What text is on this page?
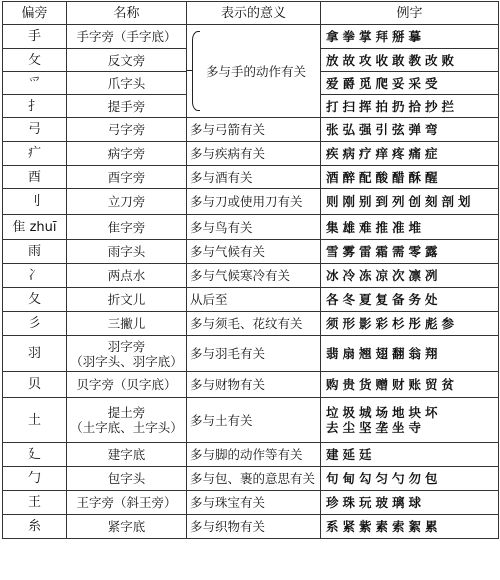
偏旁	名称	表示的意义	例字
手	手字旁（手字底）	多与手的动作有关	拿拳掌拜掰摹

攵	反文旁		放故攻收敢教改败

爫	爪字头		爱爵觅爬妥采受

扌	提手旁		打扫挥拍扔拾抄拦

弓	弓字旁	多与弓箭有关	张弘强引弦弹弯

疒	病字旁	多与疾病有关	疾病疗痒疼痛症

酉	酉字旁	多与酒有关	酒醉配酸醋酥醒

刂	立刀旁	多与刀或使用刀有关	则刚别到列创刻剖划

隹 zhuī	隹字旁	多与鸟有关	集雄难推准堆

雨	雨字头	多与气候有关	雪雾雷霜需零露

冫	两点水	多与气候寒冷有关	冰冷冻凉次凛冽

夂	折文儿	从后至	各冬夏复备务处

彡	三撇儿	多与须毛、花纹有关	须形影彩杉彤彪参

羽	羽字旁
（羽字头、羽字底）	多与羽毛有关	翡扇翘翅翻翁翔

贝	贝字旁（贝字底）	多与财物有关	购贵货赠财账贸贫

土	提土旁
（土字底、土字头）	多与土有关	垃圾城场地块坏
去尘坚垄坐寺

廴	建字底	多与脚的动作等有关	建延廷

勹	包字头	多与包、裹的意思有关	句甸勾匀勺勿包

王	王字旁（斜王旁）	多与珠宝有关	珍珠玩玻璃球

糸	紧字底	多与织物有关	系紧紫素索絮累
